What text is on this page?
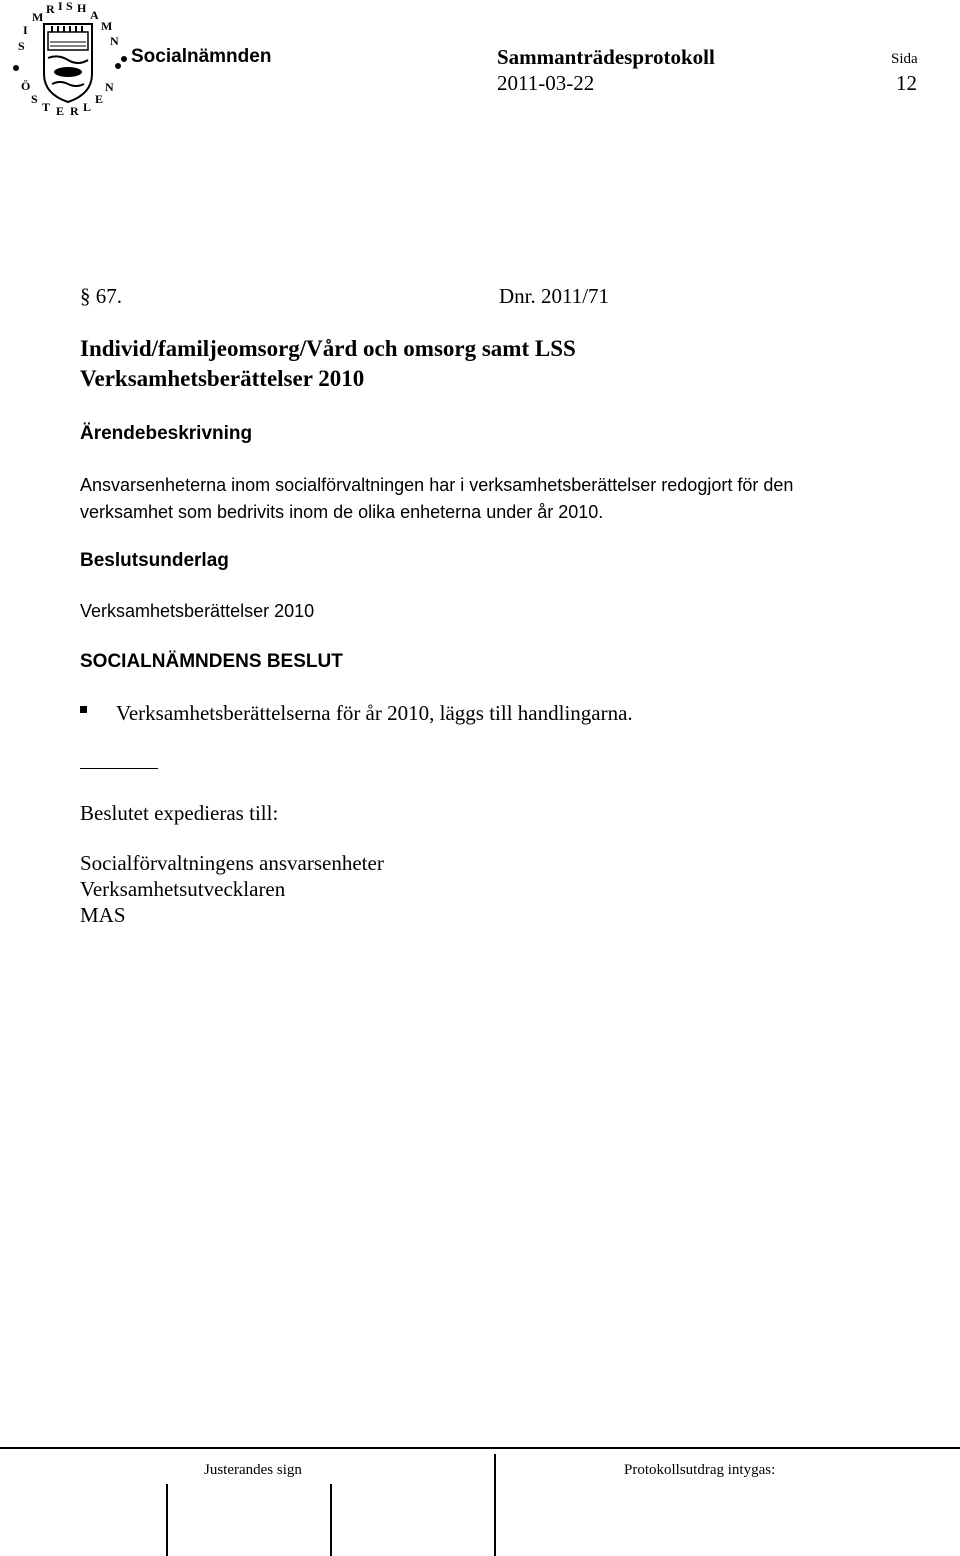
S
I
M
R I S H A
M
N
Ö
S
T E R L
E
N
Socialnämnden	Sammanträdesprotokoll
2011-03-22
Sida
12
§ 67.	Dnr. 2011/71
Individ/familjeomsorg/Vård och omsorg samt LSS
Verksamhetsberättelser 2010
Ärendebeskrivning
Ansvarsenheterna inom socialförvaltningen har i verksamhetsberättelser redogjort för den
verksamhet som bedrivits inom de olika enheterna under år 2010.
Beslutsunderlag
Verksamhetsberättelser 2010
SOCIALNÄMNDENS BESLUT
Verksamhetsberättelserna för år 2010, läggs till handlingarna.
Beslutet expedieras till:
Socialförvaltningens ansvarsenheter
Verksamhetsutvecklaren
MAS
Justerandes sign	Protokollsutdrag intygas:
